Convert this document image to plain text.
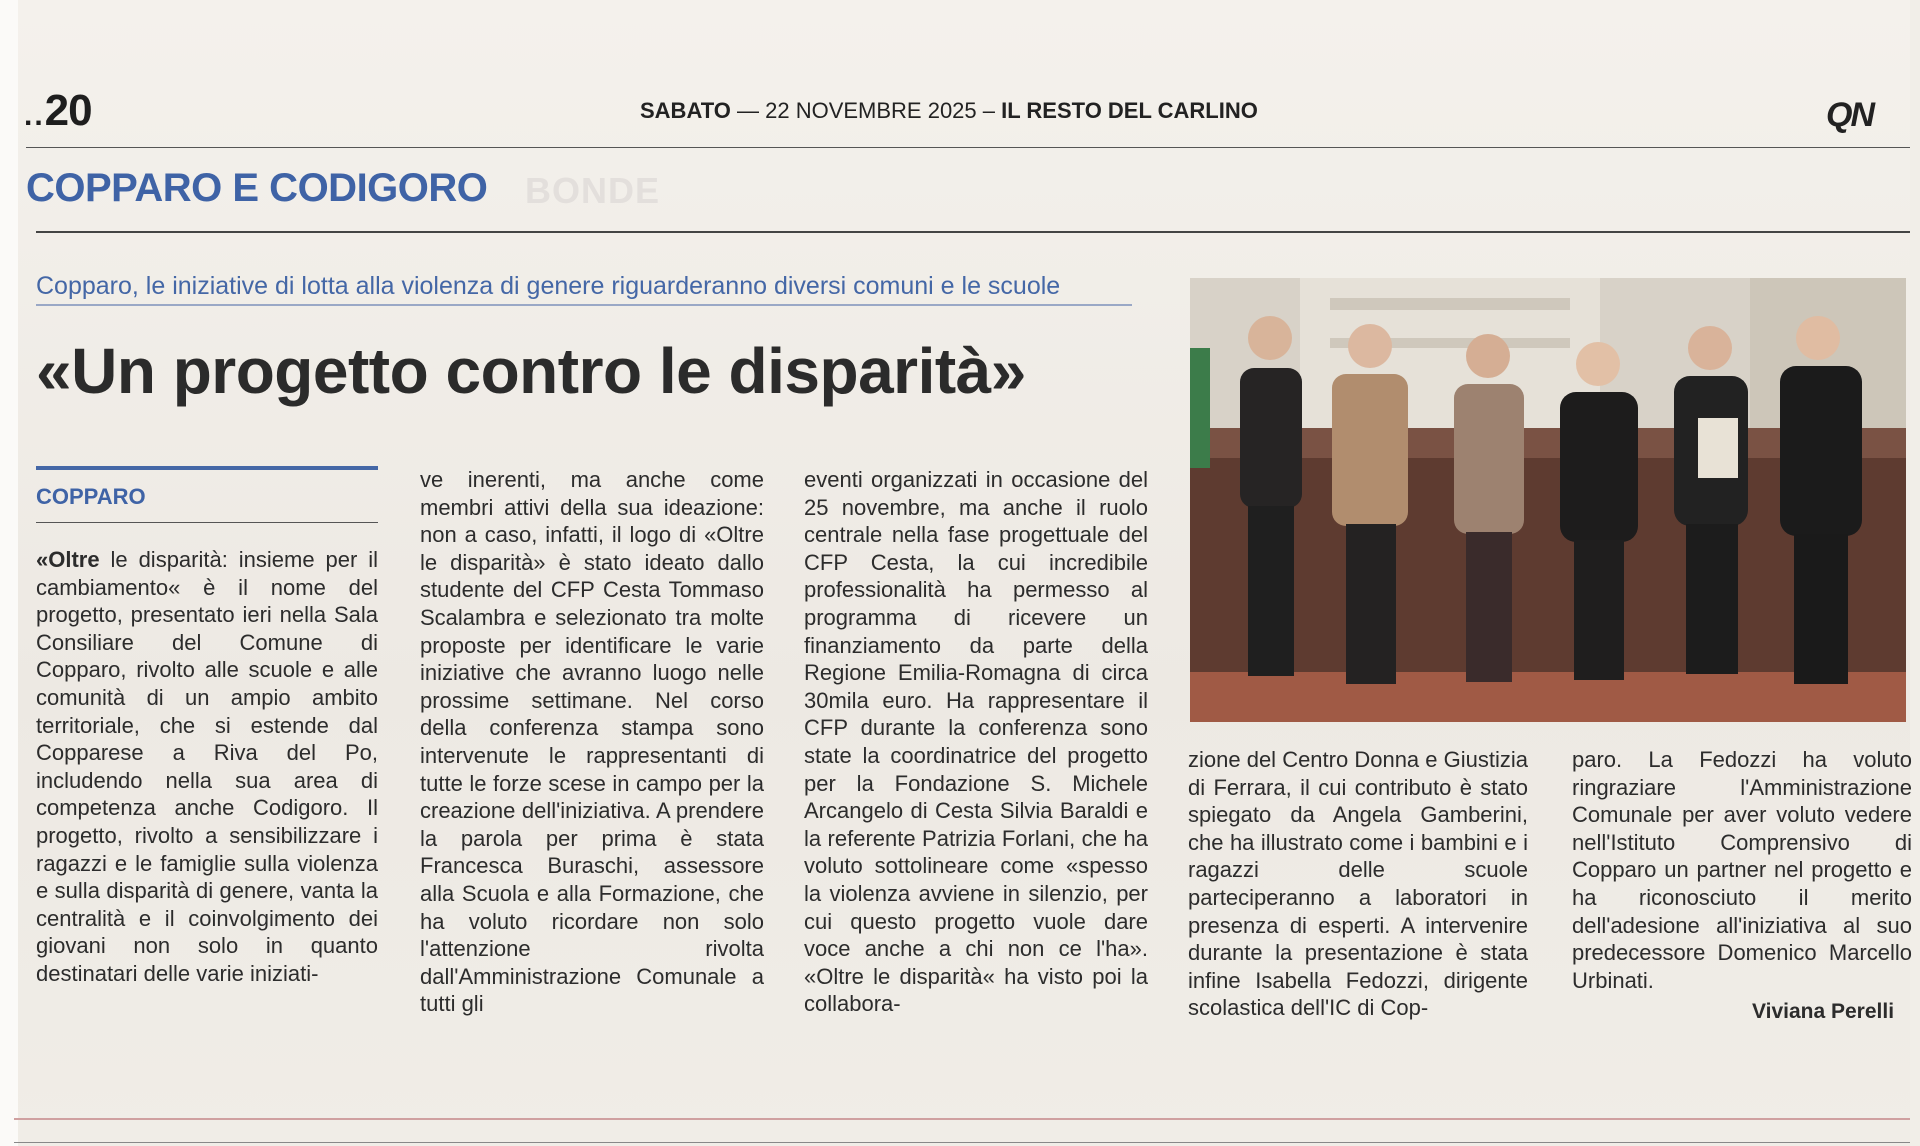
..20	SABATO — 22 NOVEMBRE 2025 – IL RESTO DEL CARLINO	QN
COPPARO E CODIGORO BONDE
Copparo, le iniziative di lotta alla violenza di genere riguarderanno diversi comuni e le scuole
«Un progetto contro le disparità»
COPPARO
«Oltre le disparità: insieme per il cambiamento« è il nome del progetto, presentato ieri nella Sala Consiliare del Comune di Copparo, rivolto alle scuole e alle comunità di un ampio ambito territoriale, che si estende dal Copparese a Riva del Po, includendo nella sua area di competenza anche Codigoro. Il progetto, rivolto a sensibilizzare i ragazzi e le famiglie sulla violenza e sulla disparità di genere, vanta la centralità e il coinvolgimento dei giovani non solo in quanto destinatari delle varie iniziati-
ve inerenti, ma anche come membri attivi della sua ideazione: non a caso, infatti, il logo di «Oltre le disparità» è stato ideato dallo studente del CFP Cesta Tommaso Scalambra e selezionato tra molte proposte per identificare le varie iniziative che avranno luogo nelle prossime settimane. Nel corso della conferenza stampa sono intervenute le rappresentanti di tutte le forze scese in campo per la creazione dell'iniziativa. A prendere la parola per prima è stata Francesca Buraschi, assessore alla Scuola e alla Formazione, che ha voluto ricordare non solo l'attenzione rivolta dall'Amministrazione Comunale a tutti gli
eventi organizzati in occasione del 25 novembre, ma anche il ruolo centrale nella fase progettuale del CFP Cesta, la cui incredibile professionalità ha permesso al programma di ricevere un finanziamento da parte della Regione Emilia-Romagna di circa 30mila euro. Ha rappresentare il CFP durante la conferenza sono state la coordinatrice del progetto per la Fondazione S. Michele Arcangelo di Cesta Silvia Baraldi e la referente Patrizia Forlani, che ha voluto sottolineare come «spesso la violenza avviene in silenzio, per cui questo progetto vuole dare voce anche a chi non ce l'ha». «Oltre le disparità« ha visto poi la collabora-
zione del Centro Donna e Giustizia di Ferrara, il cui contributo è stato spiegato da Angela Gamberini, che ha illustrato come i bambini e i ragazzi delle scuole parteciperanno a laboratori in presenza di esperti. A intervenire durante la presentazione è stata infine Isabella Fedozzi, dirigente scolastica dell'IC di Cop-
paro. La Fedozzi ha voluto ringraziare l'Amministrazione Comunale per aver voluto vedere nell'Istituto Comprensivo di Copparo un partner nel progetto e ha riconosciuto il merito dell'adesione all'iniziativa al suo predecessore Domenico Marcello Urbinati.
Viviana Perelli
